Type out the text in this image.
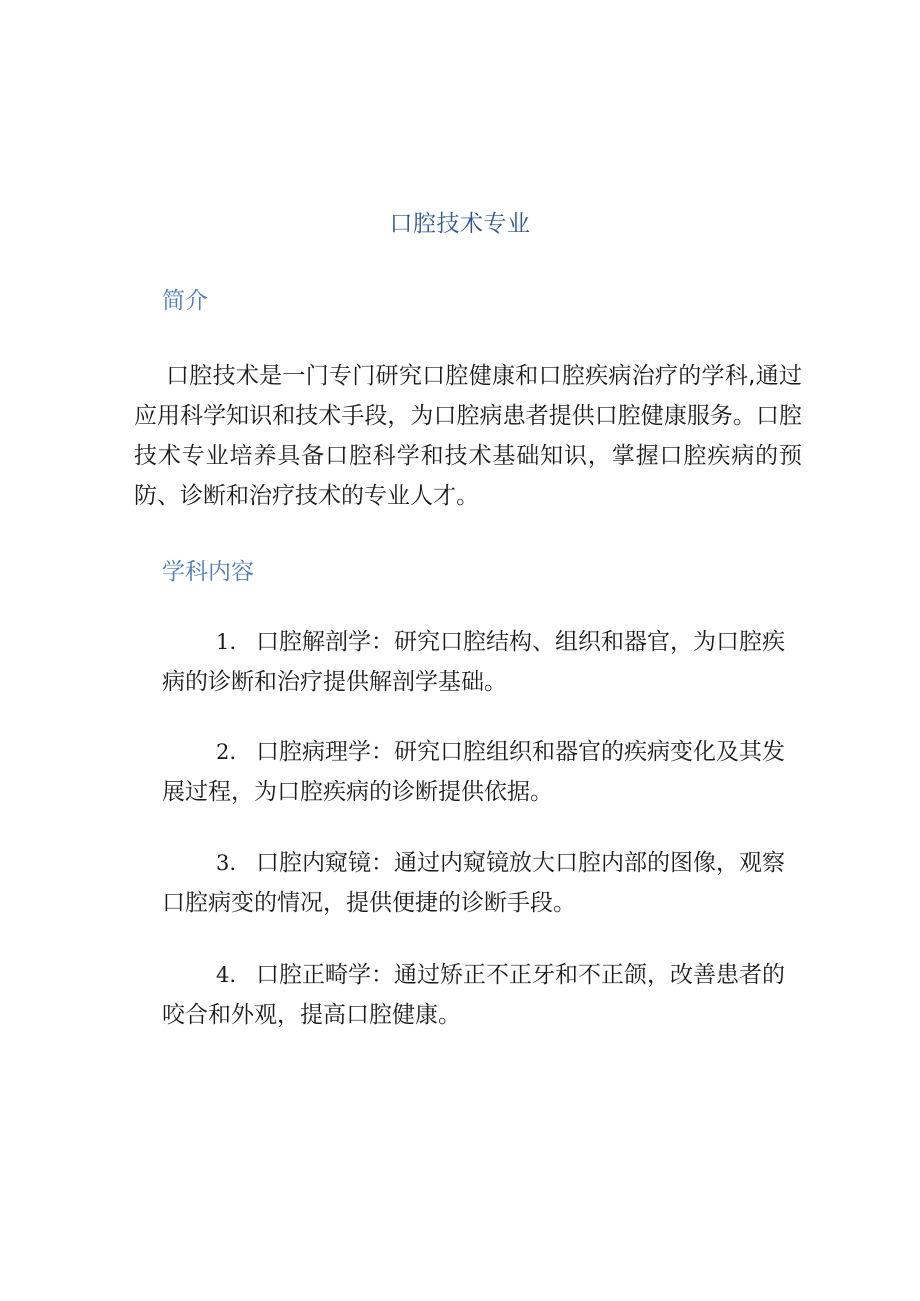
口腔技术专业
简介

口腔技术是一门专门研究口腔健康和口腔疾病治疗的学科,通过应用科学知识和技术手段，为口腔病患者提供口腔健康服务。口腔技术专业培养具备口腔科学和技术基础知识，掌握口腔疾病的预防、诊断和治疗技术的专业人才。

学科内容

1. 口腔解剖学：研究口腔结构、组织和器官，为口腔疾病的诊断和治疗提供解剖学基础。

2. 口腔病理学：研究口腔组织和器官的疾病变化及其发展过程，为口腔疾病的诊断提供依据。

3. 口腔内窥镜：通过内窥镜放大口腔内部的图像，观察口腔病变的情况，提供便捷的诊断手段。

4. 口腔正畸学：通过矫正不正牙和不正颌，改善患者的咬合和外观，提高口腔健康。
